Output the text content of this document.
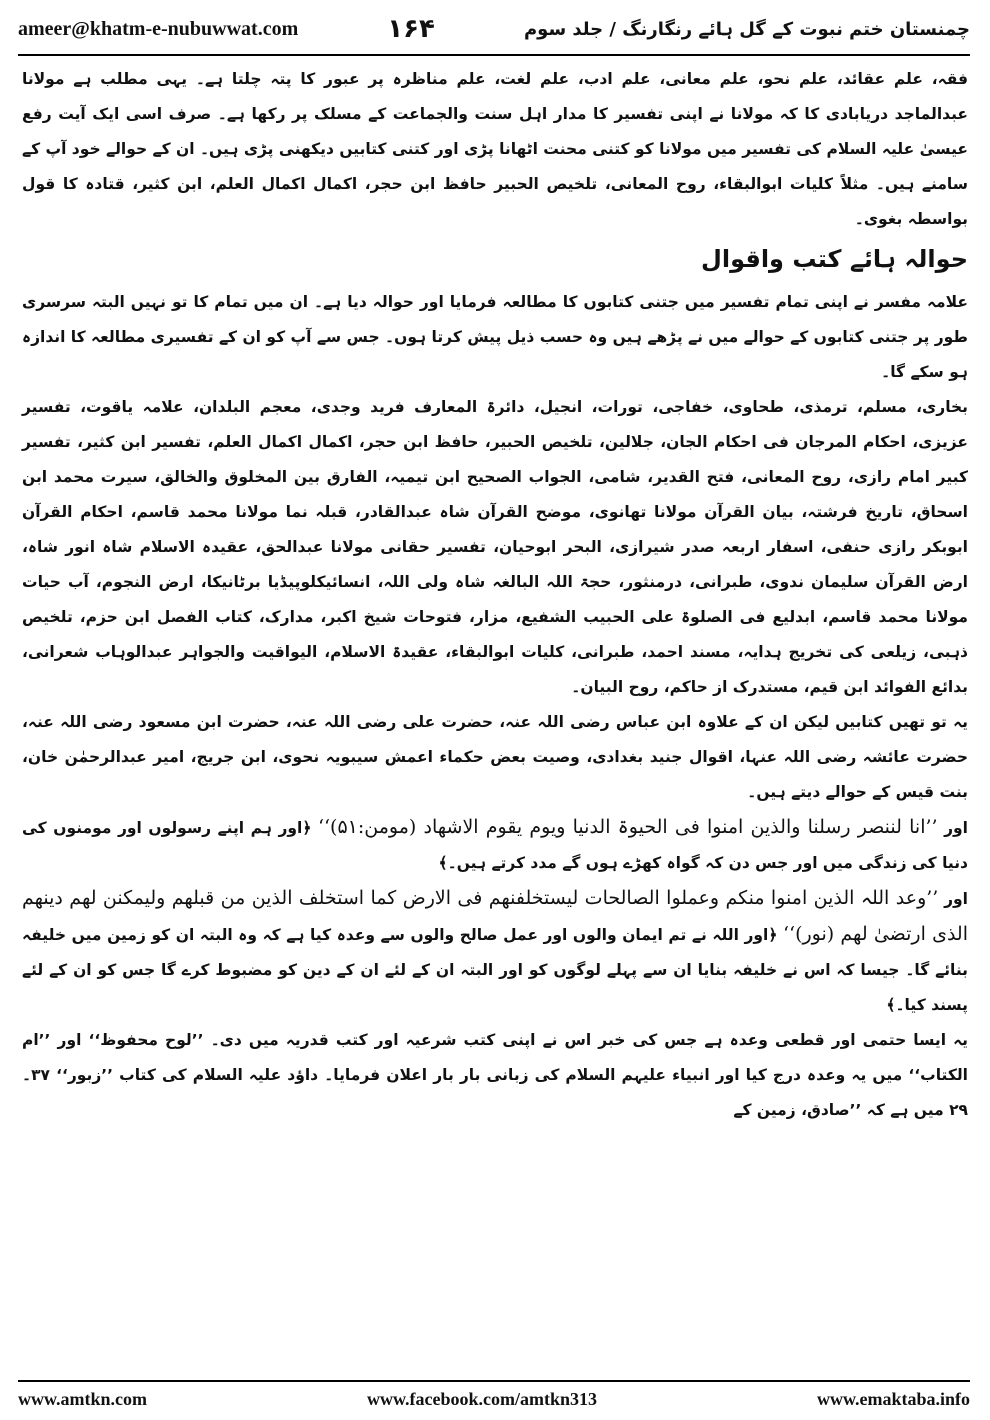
ameer@khatm-e-nubuwwat.com	۱۶۴	چمنستان ختم نبوت کے گل ہائے رنگارنگ / جلد سوم

فقہ، علم عقائد، علم نحو، علم معانی، علم ادب، علم لغت، علم مناظرہ پر عبور کا پتہ چلتا ہے۔ یہی مطلب ہے مولانا عبدالماجد دریابادی کا کہ مولانا نے اپنی تفسیر کا مدار اہل سنت والجماعت کے مسلک پر رکھا ہے۔ صرف اسی ایک آیت رفع عیسیٰ علیہ السلام کی تفسیر میں مولانا کو کتنی محنت اٹھانا پڑی اور کتنی کتابیں دیکھنی پڑی ہیں۔ ان کے حوالے خود آپ کے سامنے ہیں۔ مثلاً کلیات ابوالبقاء، روح المعانی، تلخیص الحبیر حافظ ابن حجر، اکمال اکمال العلم، ابن کثیر، قتادہ کا قول بواسطہ بغوی۔

حوالہ ہائے کتب واقوال

علامہ مفسر نے اپنی تمام تفسیر میں جتنی کتابوں کا مطالعہ فرمایا اور حوالہ دیا ہے۔ ان میں تمام کا تو نہیں البتہ سرسری طور پر جتنی کتابوں کے حوالے میں نے پڑھے ہیں وہ حسب ذیل پیش کرتا ہوں۔ جس سے آپ کو ان کے تفسیری مطالعہ کا اندازہ ہو سکے گا۔

بخاری، مسلم، ترمذی، طحاوی، خفاجی، تورات، انجیل، دائرۃ المعارف فرید وجدی، معجم البلدان، علامہ یاقوت، تفسیر عزیزی، احکام المرجان فی احکام الجان، جلالین، تلخیص الحبیر، حافظ ابن حجر، اکمال اکمال العلم، تفسیر ابن کثیر، تفسیر کبیر امام رازی، روح المعانی، فتح القدیر، شامی، الجواب الصحیح ابن تیمیہ، الفارق بین المخلوق والخالق، سیرت محمد ابن اسحاق، تاریخ فرشتہ، بیان القرآن مولانا تھانوی، موضح القرآن شاہ عبدالقادر، قبلہ نما مولانا محمد قاسم، احکام القرآن ابوبکر رازی حنفی، اسفار اربعہ صدر شیرازی، البحر ابوحیان، تفسیر حقانی مولانا عبدالحق، عقیدہ الاسلام شاہ انور شاہ، ارض القرآن سلیمان ندوی، طبرانی، درمنثور، حجۃ اللہ البالغہ شاہ ولی اللہ، انسائیکلوپیڈیا برٹانیکا، ارض النجوم، آب حیات مولانا محمد قاسم، ابدلیع فی الصلوۃ علی الحبیب الشفیع، مزار، فتوحات شیخ اکبر، مدارک، کتاب الفصل ابن حزم، تلخیص ذہبی، زیلعی کی تخریج ہدایہ، مسند احمد، طبرانی، کلیات ابوالبقاء، عقیدۃ الاسلام، الیواقیت والجواہر عبدالوہاب شعرانی، بدائع الفوائد ابن قیم، مستدرک از حاکم، روح البیان۔

یہ تو تھیں کتابیں لیکن ان کے علاوہ ابن عباس رضی اللہ عنہ، حضرت علی رضی اللہ عنہ، حضرت ابن مسعود رضی اللہ عنہ، حضرت عائشہ رضی اللہ عنہا، اقوال جنید بغدادی، وصیت بعض حکماء اعمش سیبویہ نحوی، ابن جریج، امیر عبدالرحمٰن خان، بنت قیس کے حوالے دیتے ہیں۔

اور ’’انا لننصر رسلنا والذین امنوا فی الحیوۃ الدنیا ویوم یقوم الاشھاد (مومن:۵۱)‘‘ ﴿اور ہم اپنے رسولوں اور مومنوں کی دنیا کی زندگی میں اور جس دن کہ گواہ کھڑے ہوں گے مدد کرتے ہیں۔﴾

اور ’’وعد اللہ الذین امنوا منکم وعملوا الصالحات لیستخلفنھم فی الارض کما استخلف الذین من قبلھم ولیمکنن لھم دینھم الذی ارتضیٰ لھم (نور)‘‘ ﴿اور اللہ نے تم ایمان والوں اور عمل صالح والوں سے وعدہ کیا ہے کہ وہ البتہ ان کو زمین میں خلیفہ بنائے گا۔ جیسا کہ اس نے خلیفہ بنایا ان سے پہلے لوگوں کو اور البتہ ان کے لئے ان کے دین کو مضبوط کرے گا جس کو ان کے لئے پسند کیا۔﴾

یہ ایسا حتمی اور قطعی وعدہ ہے جس کی خبر اس نے اپنی کتب شرعیہ اور کتب قدریہ میں دی۔ ’’لوح محفوظ‘‘ اور ’’ام الکتاب‘‘ میں یہ وعدہ درج کیا اور انبیاء علیہم السلام کی زبانی بار بار اعلان فرمایا۔ داؤد علیہ السلام کی کتاب ’’زبور‘‘ ۳۷۔۲۹ میں ہے کہ ’’صادق، زمین کے

www.amtkn.com	www.facebook.com/amtkn313	www.emaktaba.info
